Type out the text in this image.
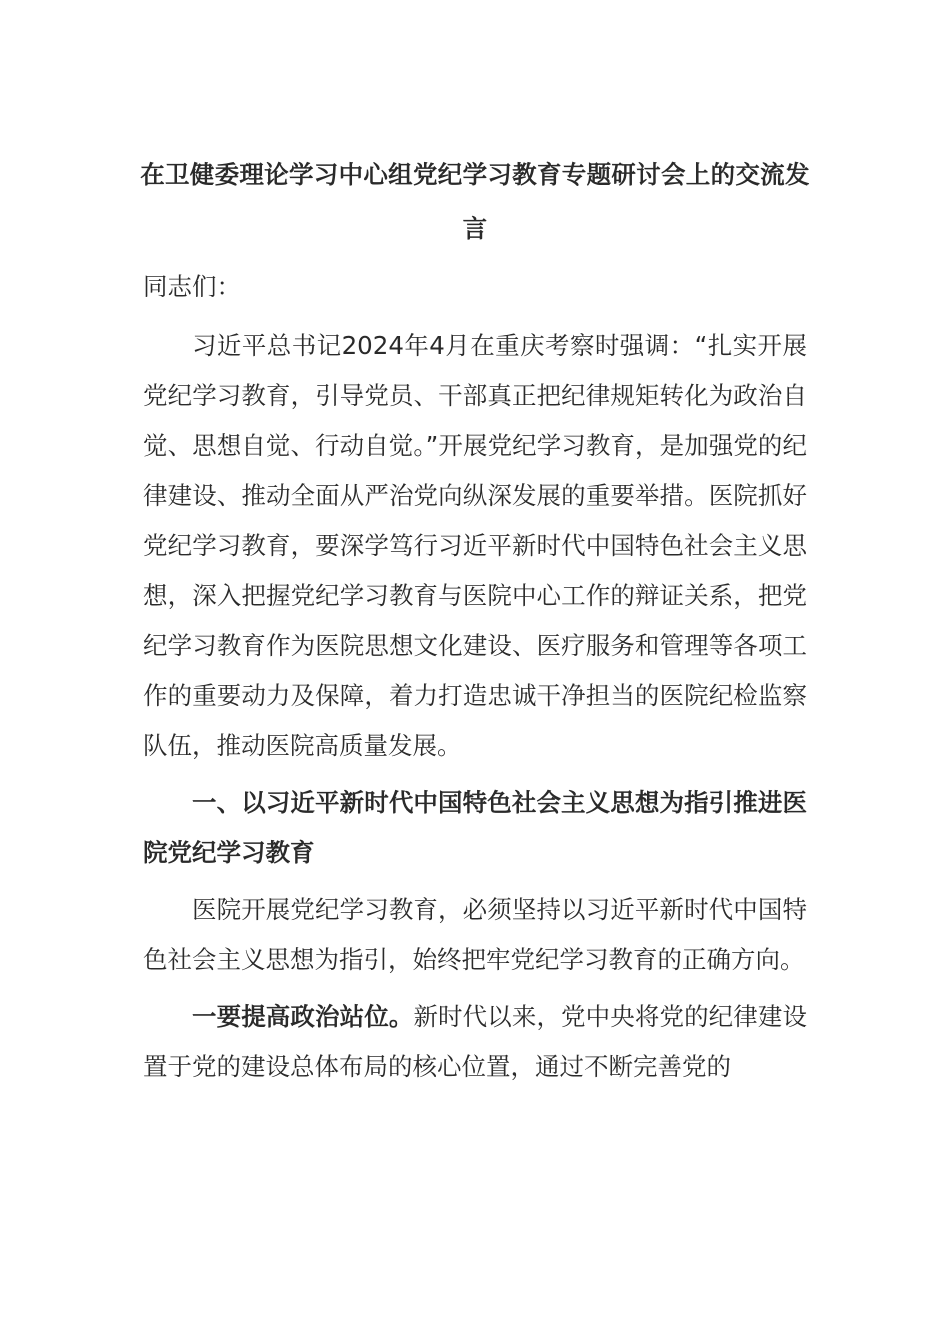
在卫健委理论学习中心组党纪学习教育专题研讨会上的交流发言
同志们：
习近平总书记2024年4月在重庆考察时强调：“扎实开展党纪学习教育，引导党员、干部真正把纪律规矩转化为政治自觉、思想自觉、行动自觉。”开展党纪学习教育，是加强党的纪律建设、推动全面从严治党向纵深发展的重要举措。医院抓好党纪学习教育，要深学笃行习近平新时代中国特色社会主义思想，深入把握党纪学习教育与医院中心工作的辩证关系，把党纪学习教育作为医院思想文化建设、医疗服务和管理等各项工作的重要动力及保障，着力打造忠诚干净担当的医院纪检监察队伍，推动医院高质量发展。
一、以习近平新时代中国特色社会主义思想为指引推进医院党纪学习教育
医院开展党纪学习教育，必须坚持以习近平新时代中国特色社会主义思想为指引，始终把牢党纪学习教育的正确方向。
一要提高政治站位。新时代以来，党中央将党的纪律建设置于党的建设总体布局的核心位置，通过不断完善党的
